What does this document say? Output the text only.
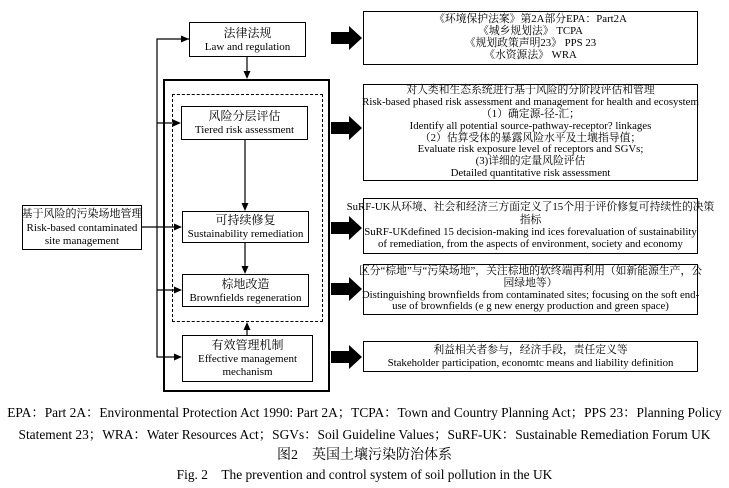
法律法规
Law and regulation
基于风险的污染场地管理
Risk-based contaminated
site management
风险分层评估
Tiered risk assessment
可持续修复
Sustainability remediation
棕地改造
Brownfields regeneration
有效管理机制
Effective management
mechanism
《环境保护法案》第2A部分EPA：Part2A
《城乡规划法》 TCPA
《规划政策声明23》 PPS 23
《水资源法》 WRA
对人类和生态系统进行基于风险的分阶段评估和管理
Risk-based phased risk assessment and management for health and ecosystem
（1）确定源-径-汇；
Identify all potential source-pathway-receptor? linkages
（2）估算受体的暴露风险水平及土壤指导值；
Evaluate risk exposure level of receptors and SGVs;
(3)详细的定量风险评估
Detailed quantitative risk assessment
SuRF-UK从环境、社会和经济三方面定义了15个用于评价修复可持续性的决策
指标
SuRF-UKdefined 15 decision-making ind ices forevaluation of sustainability
of remediation, from the aspects of environment, society and economy
区分“棕地”与“污染场地”，关注棕地的软终端再利用（如新能源生产，公
园绿地等）
Distinguishing brownfields from contaminated sites; focusing on the soft end-
use of brownfields (e g new energy production and green space)
利益相关者参与，经济手段，责任定义等
Stakeholder participation, economtc means and liability definition
EPA：Part 2A：Environmental Protection Act 1990: Part 2A；TCPA：Town and Country Planning Act；PPS 23：Planning Policy
Statement 23；WRA：Water Resources Act；SGVs：Soil Guideline Values；SuRF-UK：Sustainable Remediation Forum UK
图2　英国土壤污染防治体系
Fig. 2　The prevention and control system of soil pollution in the UK
